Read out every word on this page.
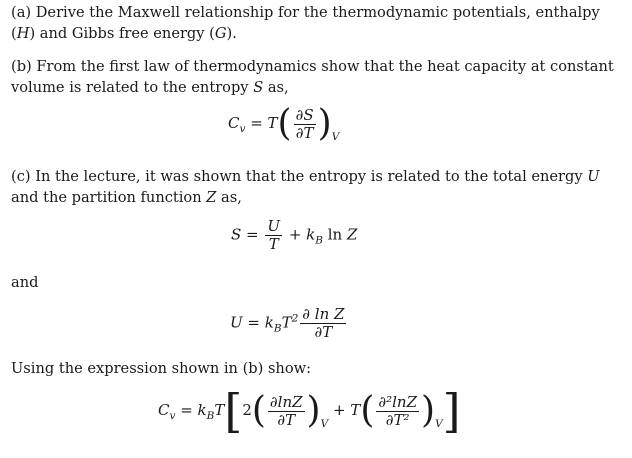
(a) Derive the Maxwell relationship for the thermodynamic potentials, enthalpy (H) and Gibbs free energy (G).

(b) From the first law of thermodynamics show that the heat capacity at constant volume is related to the entropy S as,

$C_v = T( \frac{\partial S}{\partial T} )_V$

(c) In the lecture, it was shown that the entropy is related to the total energy U and the partition function Z as,

$S = \frac{U}{T} + k_B$ ln Z

and

$U = k_BT^2 \frac{\text{∂ ln Z}}{\partial T}$

Using the expression shown in (b) show:

$C_v = k_BT[2( \frac{\partial\ln Z}{\partial T} )_V + T( \frac{\text{∂²lnZ}}{\text{∂T²}} )_V]$
